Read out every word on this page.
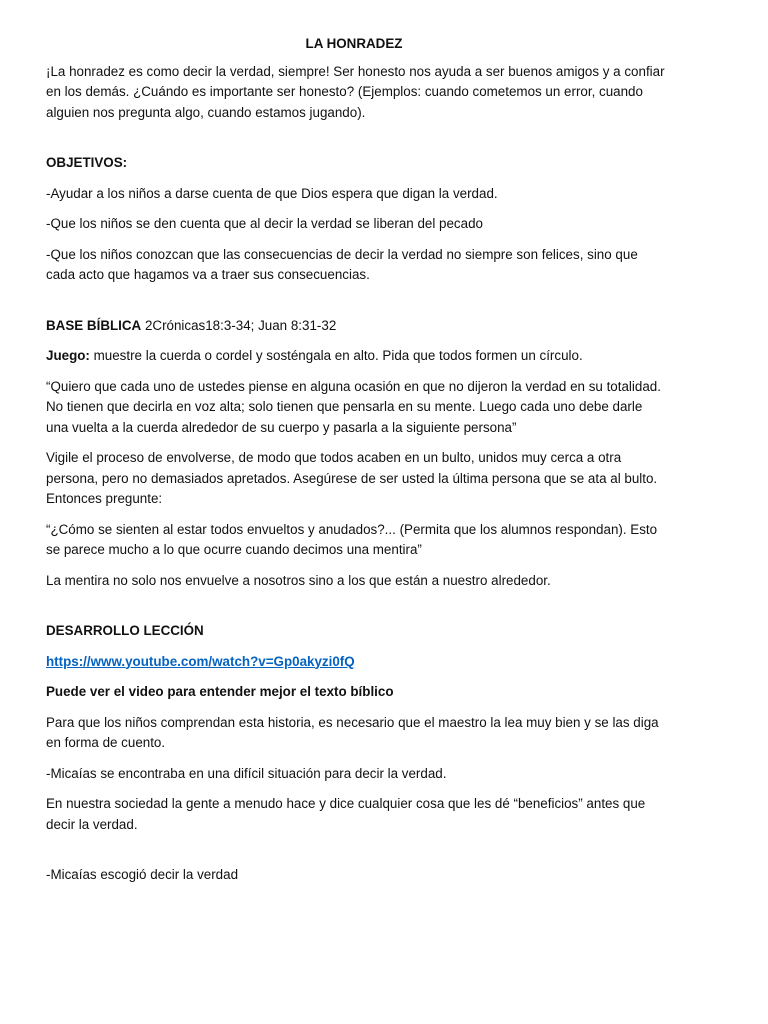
LA HONRADEZ

¡La honradez es como decir la verdad, siempre! Ser honesto nos ayuda a ser buenos amigos y a confiar en los demás. ¿Cuándo es importante ser honesto? (Ejemplos: cuando cometemos un error, cuando alguien nos pregunta algo, cuando estamos jugando).

OBJETIVOS:

-Ayudar a los niños a darse cuenta de que Dios espera que digan la verdad.

-Que los niños se den cuenta que al decir la verdad se liberan del pecado

-Que los niños conozcan que las consecuencias de decir la verdad no siempre son felices, sino que cada acto que hagamos va a traer sus consecuencias.

BASE BÍBLICA 2Crónicas18:3-34; Juan 8:31-32

Juego: muestre la cuerda o cordel y sosténgala en alto. Pida que todos formen un círculo.

“Quiero que cada uno de ustedes piense en alguna ocasión en que no dijeron la verdad en su totalidad. No tienen que decirla en voz alta; solo tienen que pensarla en su mente. Luego cada uno debe darle una vuelta a la cuerda alrededor de su cuerpo y pasarla a la siguiente persona”

Vigile el proceso de envolverse, de modo que todos acaben en un bulto, unidos muy cerca a otra persona, pero no demasiados apretados. Asegúrese de ser usted la última persona que se ata al bulto. Entonces pregunte:

“¿Cómo se sienten al estar todos envueltos y anudados?... (Permita que los alumnos respondan). Esto se parece mucho a lo que ocurre cuando decimos una mentira”

La mentira no solo nos envuelve a nosotros sino a los que están a nuestro alrededor.

DESARROLLO LECCIÓN

https://www.youtube.com/watch?v=Gp0akyzi0fQ

Puede ver el video para entender mejor el texto bíblico

Para que los niños comprendan esta historia, es necesario que el maestro la lea muy bien y se las diga en forma de cuento.

-Micaías se encontraba en una difícil situación para decir la verdad.

En nuestra sociedad la gente a menudo hace y dice cualquier cosa que les dé “beneficios” antes que decir la verdad.

-Micaías escogió decir la verdad
